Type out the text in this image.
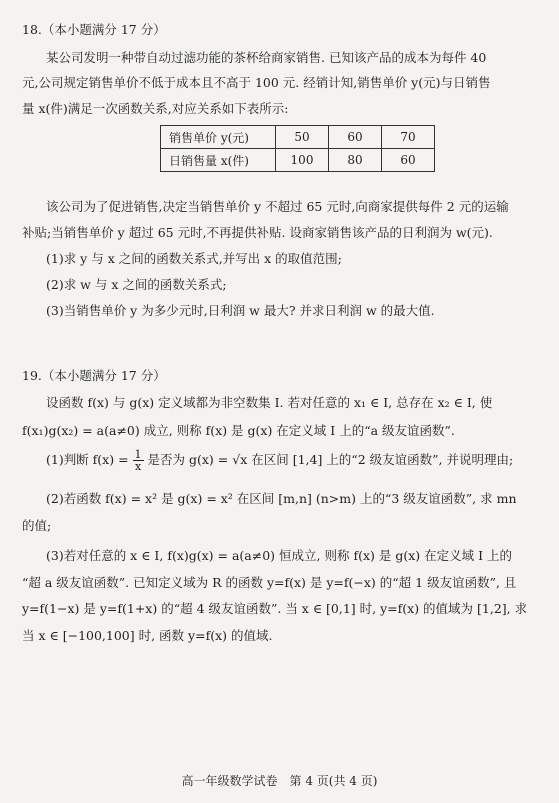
18.（本小题满分 17 分）
某公司发明一种带自动过滤功能的茶杯给商家销售. 已知该产品的成本为每件 40
元,公司规定销售单价不低于成本且不高于 100 元. 经销计知,销售单价 y(元)与日销售
量 x(件)满足一次函数关系,对应关系如下表所示:
销售单价 y(元)	50	60	70
日销售量 x(件)	100	80	60
该公司为了促进销售,决定当销售单价 y 不超过 65 元时,向商家提供每件 2 元的运输
补贴;当销售单价 y 超过 65 元时,不再提供补贴. 设商家销售该产品的日利润为 w(元).
(1)求 y 与 x 之间的函数关系式,并写出 x 的取值范围;
(2)求 w 与 x 之间的函数关系式;
(3)当销售单价 y 为多少元时,日利润 w 最大? 并求日利润 w 的最大值.
19.（本小题满分 17 分）
设函数 f(x) 与 g(x) 定义域都为非空数集 I. 若对任意的 x₁ ∈ I, 总存在 x₂ ∈ I, 使
f(x₁)g(x₂) = a(a≠0) 成立, 则称 f(x) 是 g(x) 在定义域 I 上的“a 级友谊函数”.
(1)判断 $f(x) = \frac{1}{x}$ 是否为 g(x) = √x 在区间 [1,4] 上的“2 级友谊函数”, 并说明理由;
(2)若函数 f(x) = x² 是 g(x) = x² 在区间 [m,n] (n>m) 上的“3 级友谊函数”, 求 mn
的值;
(3)若对任意的 x ∈ I, f(x)g(x) = a(a≠0) 恒成立, 则称 f(x) 是 g(x) 在定义域 I 上的
“超 a 级友谊函数”. 已知定义域为 R 的函数 y=f(x) 是 y=f(−x) 的“超 1 级友谊函数”, 且
y=f(1−x) 是 y=f(1+x) 的“超 4 级友谊函数”. 当 x ∈ [0,1] 时, y=f(x) 的值域为 [1,2], 求
当 x ∈ [−100,100] 时, 函数 y=f(x) 的值域.
高一年级数学试卷　第 4 页(共 4 页)
